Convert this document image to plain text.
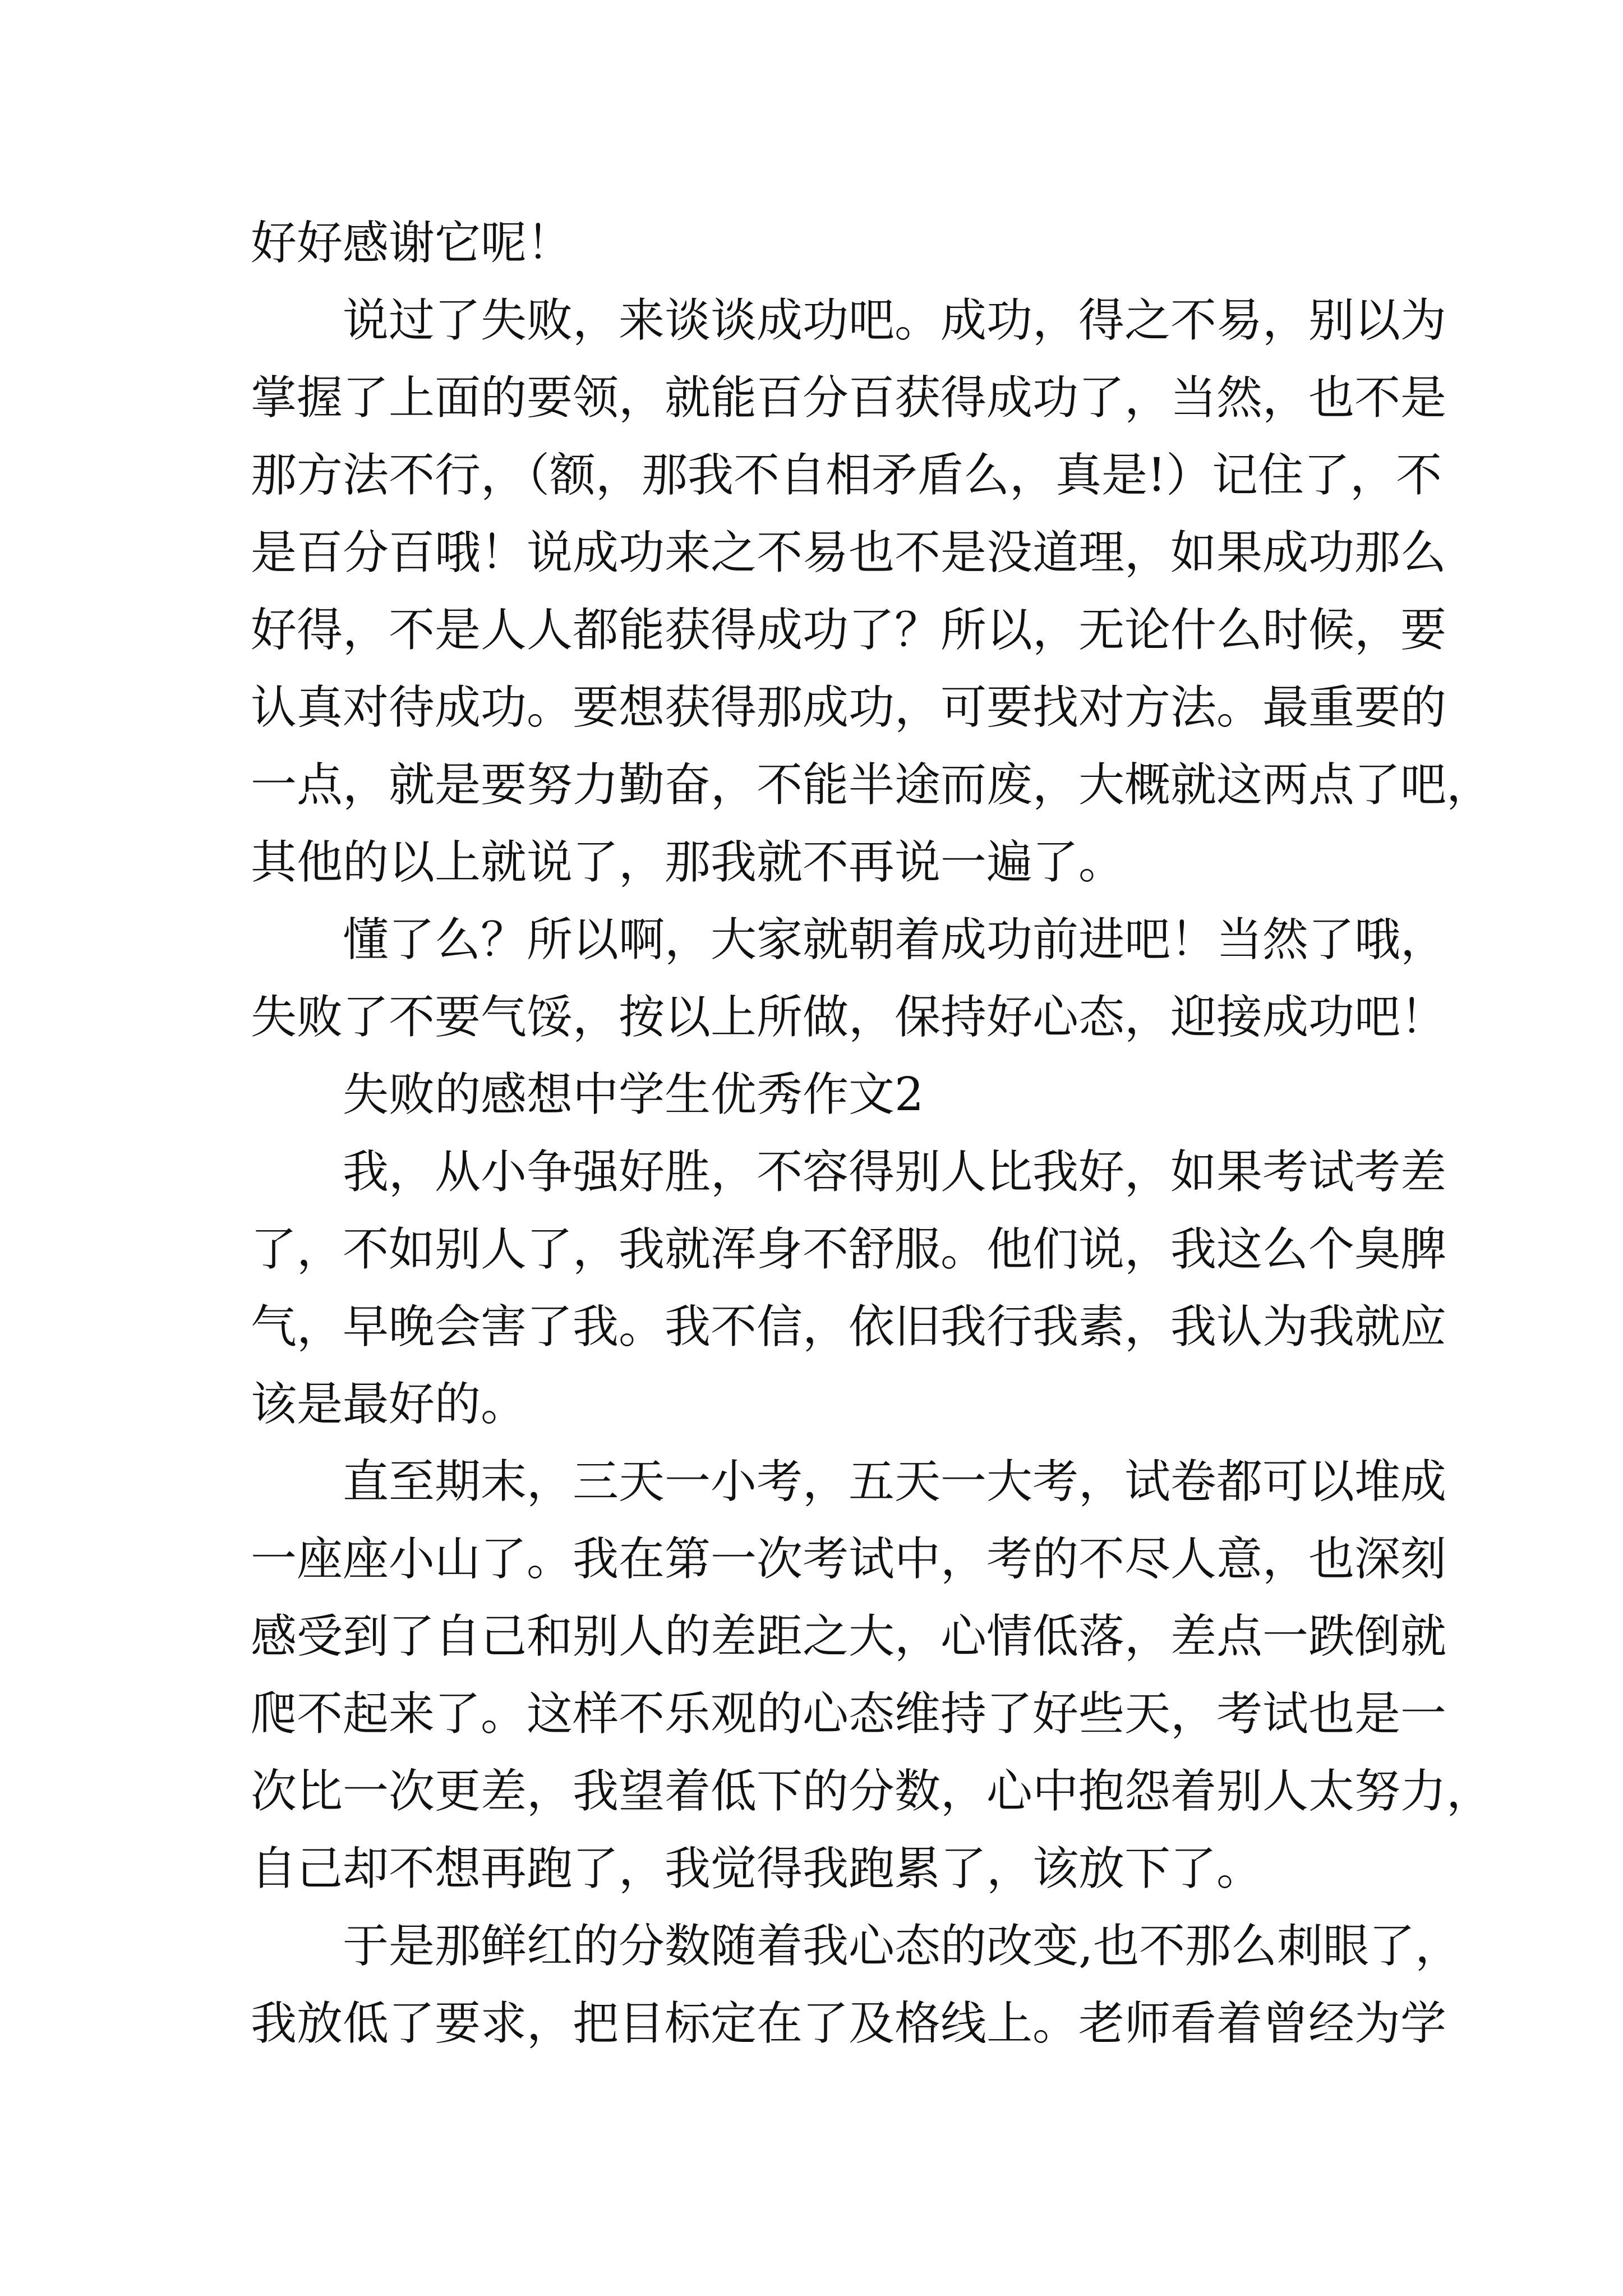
好好感谢它呢！
说过了失败，来谈谈成功吧。成功，得之不易，别以为
掌握了上面的要领，就能百分百获得成功了，当然，也不是
那方法不行，（额，那我不自相矛盾么，真是!）记住了，不
是百分百哦！说成功来之不易也不是没道理，如果成功那么
好得，不是人人都能获得成功了？所以，无论什么时候，要
认真对待成功。要想获得那成功，可要找对方法。最重要的
一点，就是要努力勤奋，不能半途而废，大概就这两点了吧，
其他的以上就说了，那我就不再说一遍了。
懂了么？所以啊，大家就朝着成功前进吧！当然了哦，
失败了不要气馁，按以上所做，保持好心态，迎接成功吧！
失败的感想中学生优秀作文2
我，从小争强好胜，不容得别人比我好，如果考试考差
了，不如别人了，我就浑身不舒服。他们说，我这么个臭脾
气，早晚会害了我。我不信，依旧我行我素，我认为我就应
该是最好的。
直至期末，三天一小考，五天一大考，试卷都可以堆成
一座座小山了。我在第一次考试中，考的不尽人意，也深刻
感受到了自己和别人的差距之大，心情低落，差点一跌倒就
爬不起来了。这样不乐观的心态维持了好些天，考试也是一
次比一次更差，我望着低下的分数，心中抱怨着别人太努力，
自己却不想再跑了，我觉得我跑累了，该放下了。
于是那鲜红的分数随着我心态的改变,也不那么刺眼了，
我放低了要求，把目标定在了及格线上。老师看着曾经为学
